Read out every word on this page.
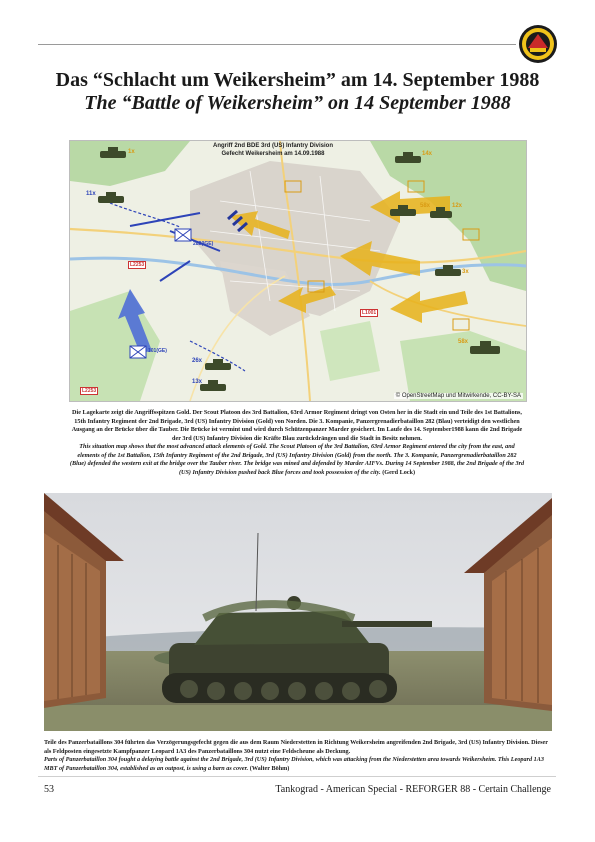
Das “Schlacht um Weikersheim” am 14. September 1988
The “Battle of Weikersheim” on 14 September 1988
Angriff 2nd BDE 3rd (US) Infantry Division
Gefecht Weikersheim am 14.09.1988
1x	14x
11x
58x	12x
26x
13x
58x
3x
282(IGE)
101(GE)
L2253
L2253
L1001
© OpenStreetMap und Mitwirkende, CC-BY-SA

Die Lagekarte zeigt die Angriffsspitzen Gold. Der Scout Platoon des 3rd Battalion, 63rd Armor Regiment dringt von Osten her in die Stadt ein und Teile des 1st Battalions, 15th Infantry Regiment der 2nd Brigade, 3rd (US) Infantry Division (Gold) von Norden. Die 3. Kompanie, Panzergrenadierbataillon 282 (Blau) verteidigt den westlichen Ausgang an der Brücke über die Tauber. Die Brücke ist vermint und wird durch Schützenpanzer Marder gesichert. Im Laufe des 14. September1988 kann die 2nd Brigade der 3rd (US) Infantry Division die Kräfte Blau zurückdrängen und die Stadt in Besitz nehmen.

This situation map shows that the most advanced attack elements of Gold. The Scout Platoon of the 3rd Battalion, 63rd Armor Regiment entered the city from the east, and elements of the 1st Battalion, 15th Infantry Regiment of the 2nd Brigade, 3rd (US) Infantry Division (Gold) from the north. The 3. Kompanie, Panzergrenadierbataillon 282 (Blue) defended the western exit at the bridge over the Tauber river. The bridge was mined and defended by Marder AIFVs. During 14 September 1988, the 2nd Brigade of the 3rd (US) Infantry Division pushed back Blue forces and took possession of the city. (Gerd Lock)

Teile des Panzerbataillons 304 führten das Verzögerungsgefecht gegen die aus dem Raum Niederstetten in Richtung Weikersheim angreifenden 2nd Brigade, 3rd (US) Infantry Division. Dieser als Feldposten eingesetzte Kampfpanzer Leopard 1A3 des Panzerbataillons 304 nutzt eine Feldscheune als Deckung.

Parts of Panzerbataillon 304 fought a delaying battle against the 2nd Brigade, 3rd (US) Infantry Division, which was attacking from the Niederstetten area towards Weikersheim. This Leopard 1A3 MBT of Panzerbataillon 304, established as an outpost, is using a barn as cover. (Walter Böhm)

53	Tankograd - American Special - REFORGER 88 - Certain Challenge
